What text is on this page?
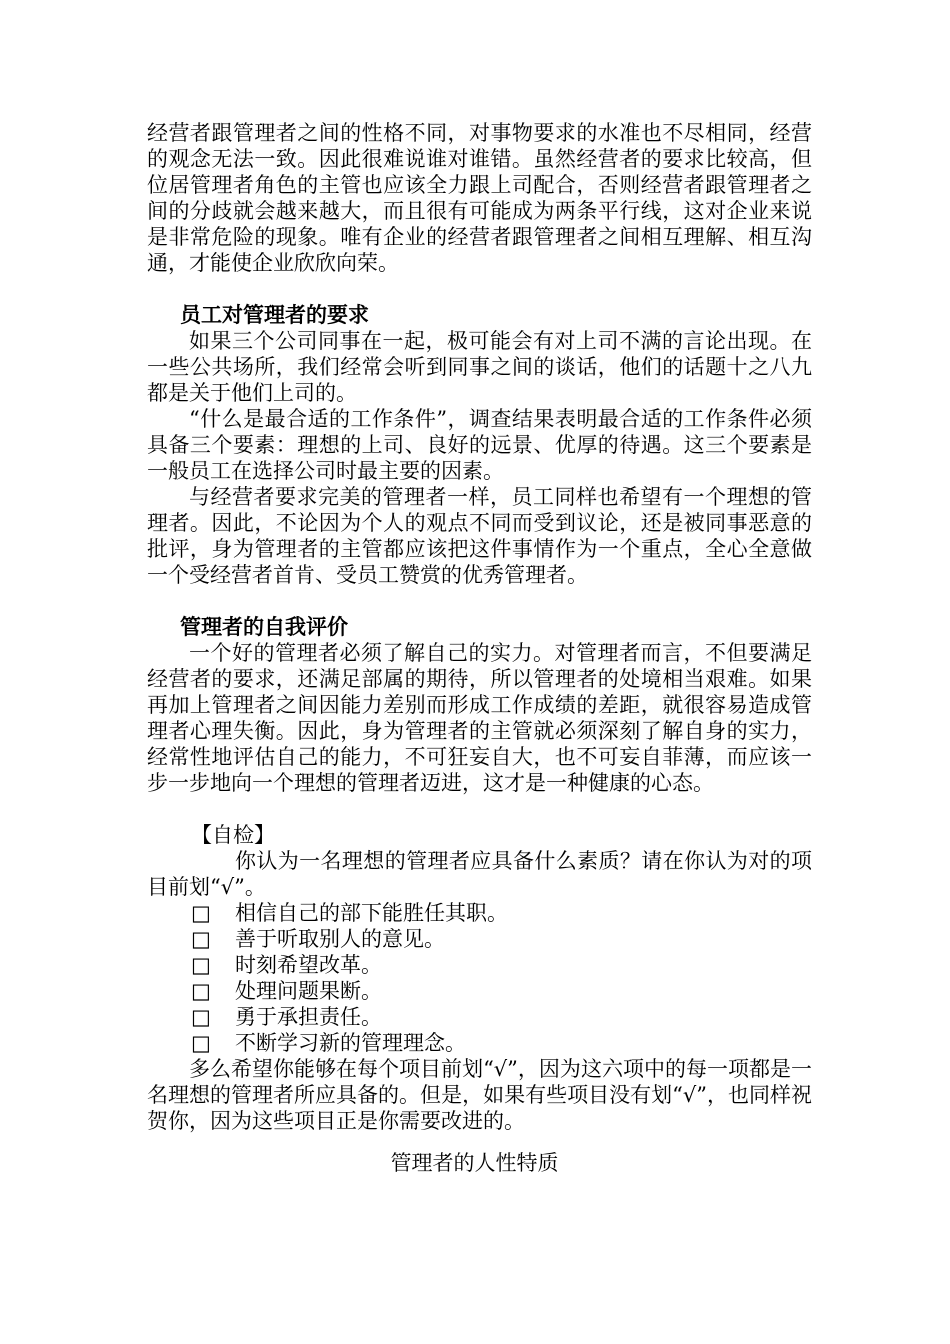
经营者跟管理者之间的性格不同，对事物要求的水准也不尽相同，经营的观念无法一致。因此很难说谁对谁错。虽然经营者的要求比较高，但位居管理者角色的主管也应该全力跟上司配合，否则经营者跟管理者之间的分歧就会越来越大，而且很有可能成为两条平行线，这对企业来说是非常危险的现象。唯有企业的经营者跟管理者之间相互理解、相互沟通，才能使企业欣欣向荣。

员工对管理者的要求

如果三个公司同事在一起，极可能会有对上司不满的言论出现。在一些公共场所，我们经常会听到同事之间的谈话，他们的话题十之八九都是关于他们上司的。

“什么是最合适的工作条件”，调查结果表明最合适的工作条件必须具备三个要素：理想的上司、良好的远景、优厚的待遇。这三个要素是一般员工在选择公司时最主要的因素。

与经营者要求完美的管理者一样，员工同样也希望有一个理想的管理者。因此，不论因为个人的观点不同而受到议论，还是被同事恶意的批评，身为管理者的主管都应该把这件事情作为一个重点，全心全意做一个受经营者首肯、受员工赞赏的优秀管理者。

管理者的自我评价

一个好的管理者必须了解自己的实力。对管理者而言，不但要满足经营者的要求，还满足部属的期待，所以管理者的处境相当艰难。如果再加上管理者之间因能力差别而形成工作成绩的差距，就很容易造成管理者心理失衡。因此，身为管理者的主管就必须深刻了解自身的实力，经常性地评估自己的能力，不可狂妄自大，也不可妄自菲薄，而应该一步一步地向一个理想的管理者迈进，这才是一种健康的心态。

【自检】

你认为一名理想的管理者应具备什么素质？请在你认为对的项目前划“√”。

□	相信自己的部下能胜任其职。
□	善于听取别人的意见。
□	时刻希望改革。
□	处理问题果断。
□	勇于承担责任。
□	不断学习新的管理理念。

多么希望你能够在每个项目前划“√”，因为这六项中的每一项都是一名理想的管理者所应具备的。但是，如果有些项目没有划“√”，也同样祝贺你，因为这些项目正是你需要改进的。

管理者的人性特质
